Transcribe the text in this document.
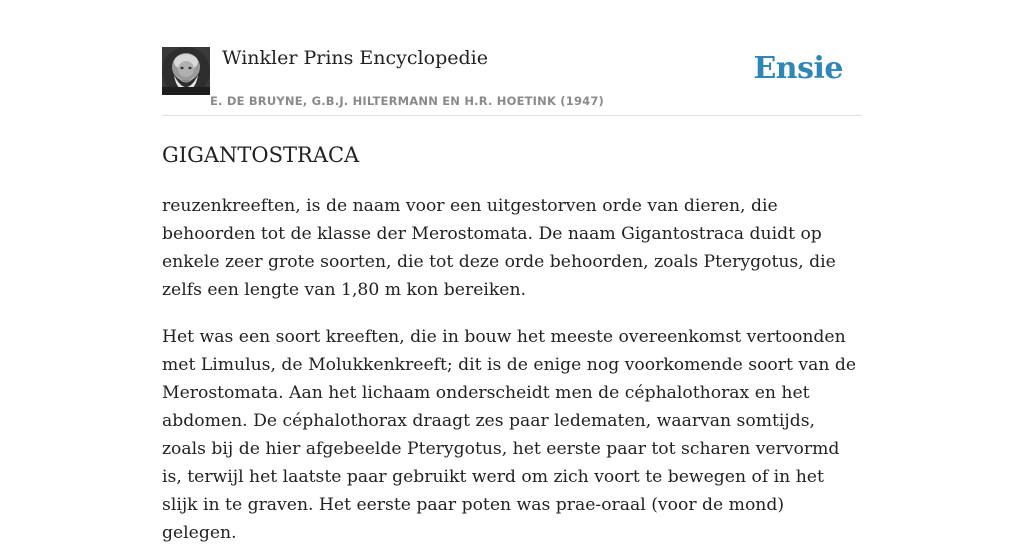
Winkler Prins Encyclopedie
E. DE BRUYNE, G.B.J. HILTERMANN EN H.R. HOETINK (1947)
Ensie
GIGANTOSTRACA

reuzenkreeften, is de naam voor een uitgestorven orde van dieren, die behoorden tot de klasse der Merostomata. De naam Gigantostraca duidt op enkele zeer grote soorten, die tot deze orde behoorden, zoals Pterygotus, die zelfs een lengte van 1,80 m kon bereiken.

Het was een soort kreeften, die in bouw het meeste overeenkomst vertoonden met Limulus, de Molukkenkreeft; dit is de enige nog voorkomende soort van de Merostomata. Aan het lichaam onderscheidt men de céphalothorax en het abdomen. De céphalothorax draagt zes paar ledematen, waarvan somtijds, zoals bij de hier afgebeelde Pterygotus, het eerste paar tot scharen vervormd is, terwijl het laatste paar gebruikt werd om zich voort te bewegen of in het slijk in te graven. Het eerste paar poten was prae-oraal (voor de mond) gelegen.
